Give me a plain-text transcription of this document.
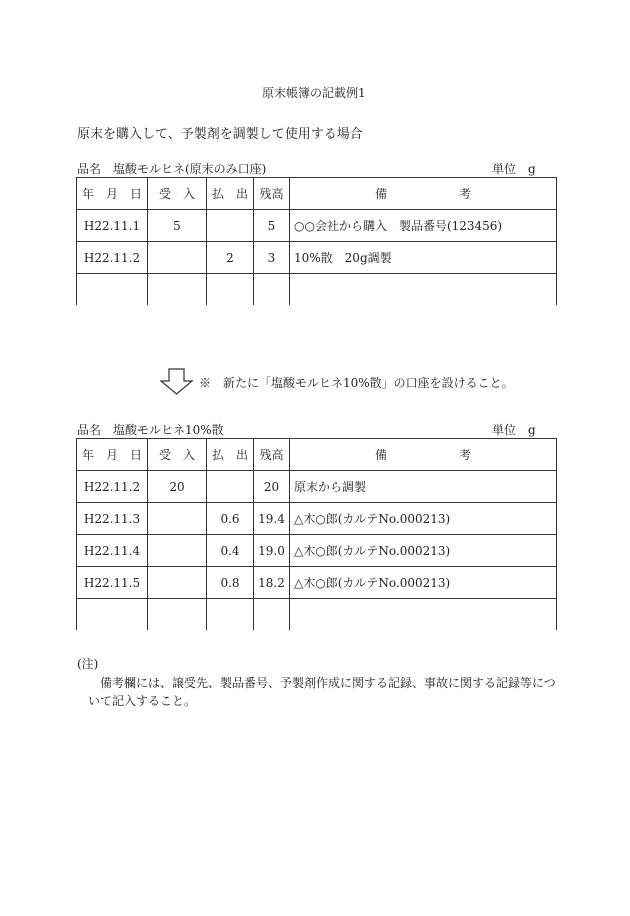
原末帳簿の記載例1
原末を購入して、予製剤を調製して使用する場合
品名　塩酸モルヒネ(原末のみ口座)	単位　g
年　月　日	受　入	払　出	残高	備　　　　　　考
H22.11.1	5		5	○○会社から購入　製品番号(123456)
H22.11.2		2	3	10%散　20g調製

※　新たに「塩酸モルヒネ10%散」の口座を設けること。
品名　塩酸モルヒネ10%散	単位　g
年　月　日	受　入	払　出	残高	備　　　　　　考
H22.11.2	20		20	原末から調製
H22.11.3		0.6	19.4	△木○郎(カルテNo.000213)
H22.11.4		0.4	19.0	△木○郎(カルテNo.000213)
H22.11.5		0.8	18.2	△木○郎(カルテNo.000213)

(注)
備考欄には、譲受先、製品番号、予製剤作成に関する記録、事故に関する記録等につ
いて記入すること。
